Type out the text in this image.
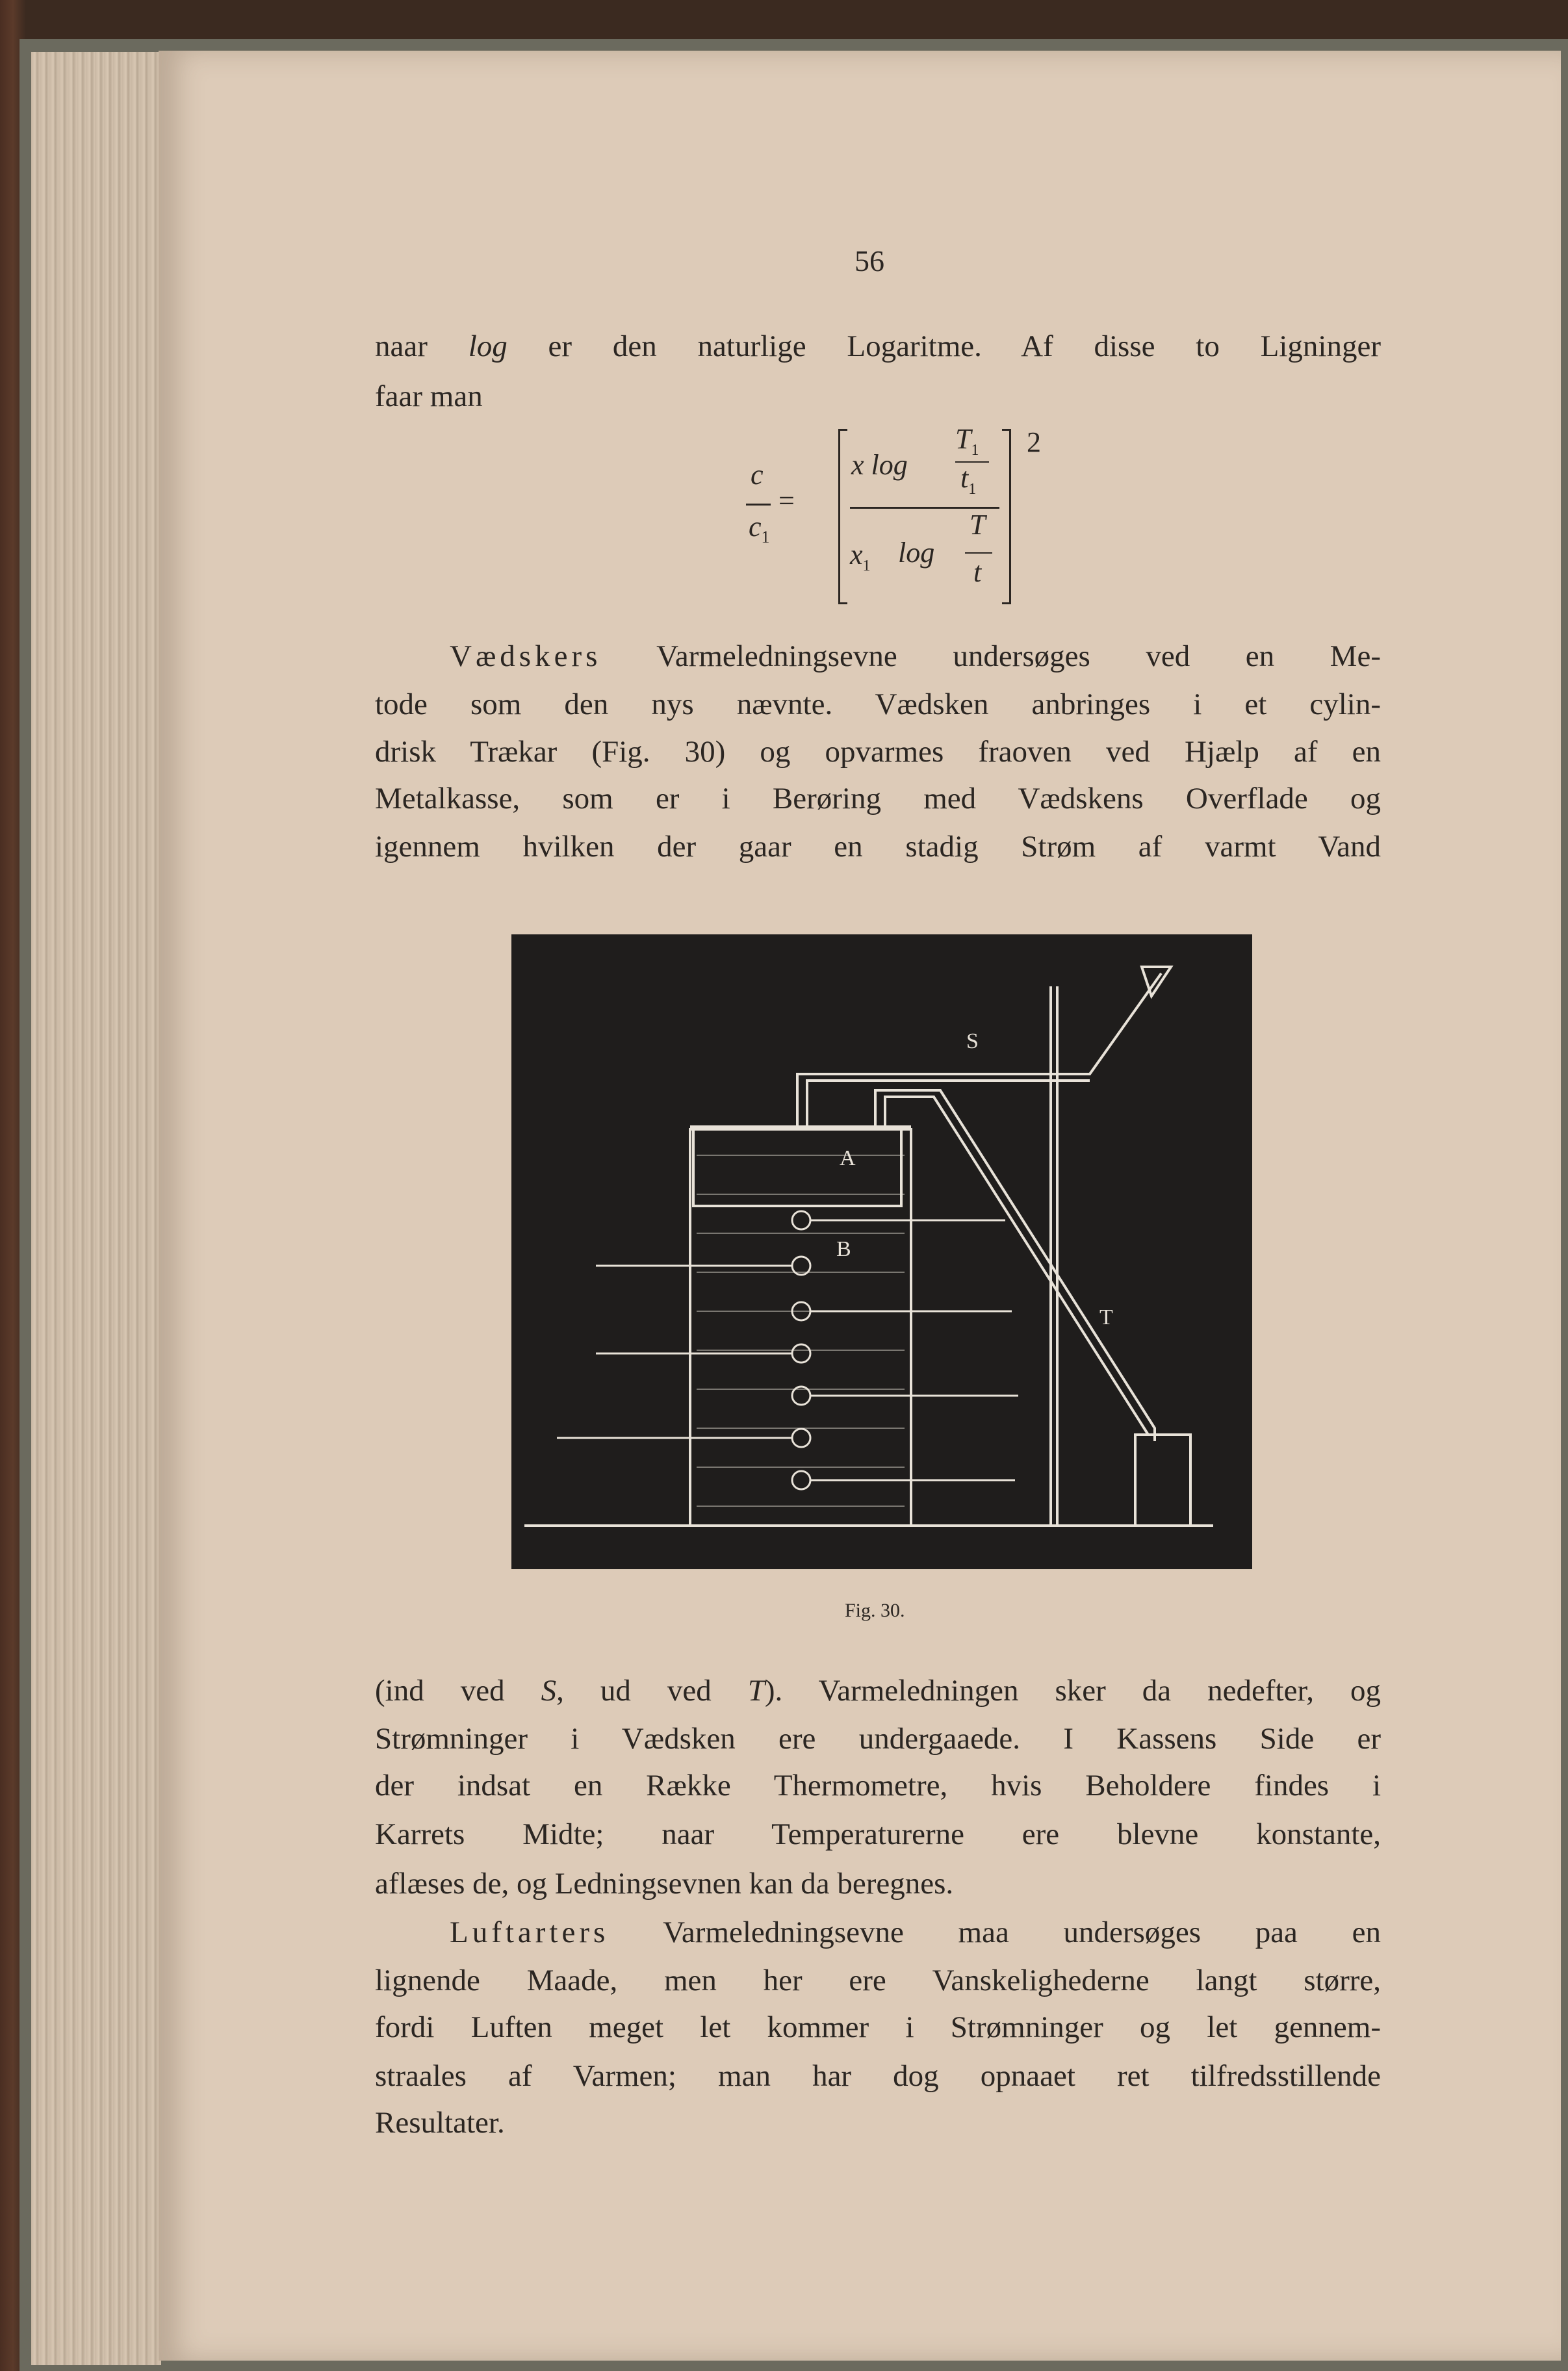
56
naar log er den naturlige Logaritme. Af disse to Ligninger
faar man
c
$c_1$
=
x log
$T_1$
$t_1$
$x_1$ log
T
t
2
Vædskers Varmeledningsevne undersøges ved en Me-
tode som den nys nævnte. Vædsken anbringes i et cylin-
drisk Trækar (Fig. 30) og opvarmes fraoven ved Hjælp af en
Metalkasse, som er i Berøring med Vædskens Overflade og
igennem hvilken der gaar en stadig Strøm af varmt Vand
S
A
B
T
Fig. 30.
(ind ved S, ud ved T). Varmeledningen sker da nedefter, og
Strømninger i Vædsken ere undergaaede. I Kassens Side er
der indsat en Række Thermometre, hvis Beholdere findes i
Karrets Midte; naar Temperaturerne ere blevne konstante,
aflæses de, og Ledningsevnen kan da beregnes.
Luftarters Varmeledningsevne maa undersøges paa en
lignende Maade, men her ere Vanskelighederne langt større,
fordi Luften meget let kommer i Strømninger og let gennem-
straales af Varmen; man har dog opnaaet ret tilfredsstillende
Resultater.
